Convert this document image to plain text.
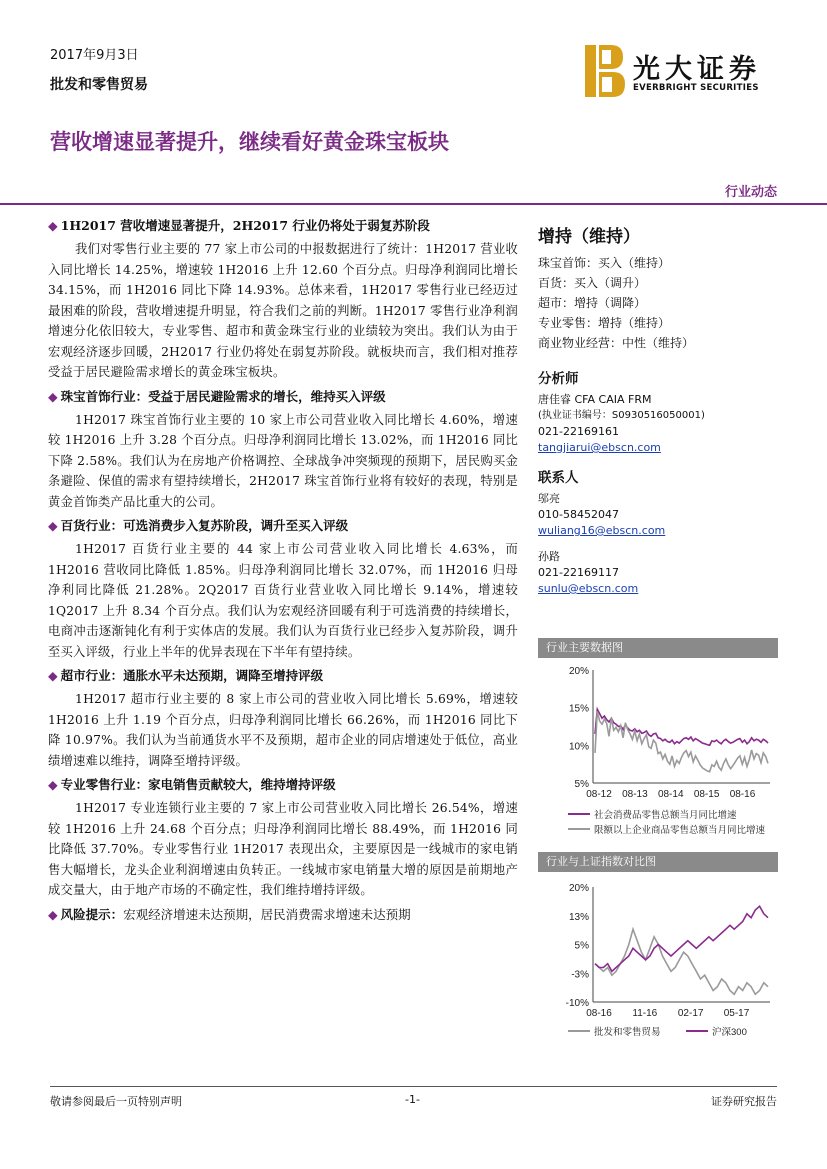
2017年9月3日
批发和零售贸易	光大证券
EVERBRIGHT SECURITIES
营收增速显著提升，继续看好黄金珠宝板块
行业动态
◆ 1H2017 营收增速显著提升，2H2017 行业仍将处于弱复苏阶段
我们对零售行业主要的 77 家上市公司的中报数据进行了统计：1H2017 营业收入同比增长 14.25%，增速较 1H2016 上升 12.60 个百分点。归母净利润同比增长 34.15%，而 1H2016 同比下降 14.93%。总体来看，1H2017 零售行业已经迈过最困难的阶段，营收增速提升明显，符合我们之前的判断。1H2017 零售行业净利润增速分化依旧较大，专业零售、超市和黄金珠宝行业的业绩较为突出。我们认为由于宏观经济逐步回暖，2H2017 行业仍将处在弱复苏阶段。就板块而言，我们相对推荐受益于居民避险需求增长的黄金珠宝板块。
◆ 珠宝首饰行业：受益于居民避险需求的增长，维持买入评级
1H2017 珠宝首饰行业主要的 10 家上市公司营业收入同比增长 4.60%，增速较 1H2016 上升 3.28 个百分点。归母净利润同比增长 13.02%，而 1H2016 同比下降 2.58%。我们认为在房地产价格调控、全球战争冲突频现的预期下，居民购买金条避险、保值的需求有望持续增长，2H2017 珠宝首饰行业将有较好的表现，特别是黄金首饰类产品比重大的公司。
◆ 百货行业：可选消费步入复苏阶段，调升至买入评级
1H2017 百货行业主要的 44 家上市公司营业收入同比增长 4.63%，而 1H2016 营收同比降低 1.85%。归母净利润同比增长 32.07%，而 1H2016 归母净利同比降低 21.28%。2Q2017 百货行业营业收入同比增长 9.14%，增速较 1Q2017 上升 8.34 个百分点。我们认为宏观经济回暖有利于可选消费的持续增长，电商冲击逐渐钝化有利于实体店的发展。我们认为百货行业已经步入复苏阶段，调升至买入评级，行业上半年的优异表现在下半年有望持续。
◆ 超市行业：通胀水平未达预期，调降至增持评级
1H2017 超市行业主要的 8 家上市公司的营业收入同比增长 5.69%，增速较 1H2016 上升 1.19 个百分点，归母净利润同比增长 66.26%，而 1H2016 同比下降 10.97%。我们认为当前通货水平不及预期，超市企业的同店增速处于低位，高业绩增速难以维持，调降至增持评级。
◆ 专业零售行业：家电销售贡献较大，维持增持评级
1H2017 专业连锁行业主要的 7 家上市公司营业收入同比增长 26.54%，增速较 1H2016 上升 24.68 个百分点；归母净利润同比增长 88.49%，而 1H2016 同比降低 37.70%。专业零售行业 1H2017 表现出众，主要原因是一线城市的家电销售大幅增长，龙头企业利润增速由负转正。一线城市家电销量大增的原因是前期地产成交量大，由于地产市场的不确定性，我们维持增持评级。
◆ 风险提示：宏观经济增速未达预期，居民消费需求增速未达预期
增持（维持）
珠宝首饰：买入（维持）
百货：买入（调升）
超市：增持（调降）
专业零售：增持（维持）
商业物业经营：中性（维持）
分析师
唐佳睿 CFA CAIA FRM
(执业证书编号：S0930516050001)
021-22169161
tangjiarui@ebscn.com
联系人
邬亮
010-58452047
wuliang16@ebscn.com
孙路
021-22169117
sunlu@ebscn.com
行业主要数据图
20%
15%
10%
5%
08-12 08-13 08-14 08-15 08-16
社会消费品零售总额当月同比增速
限额以上企业商品零售总额当月同比增速
行业与上证指数对比图
20%
13%
5%
-3%
-10%
08-16 11-16 02-17 05-17
批发和零售贸易	沪深300
敬请参阅最后一页特别声明	-1-	证券研究报告
